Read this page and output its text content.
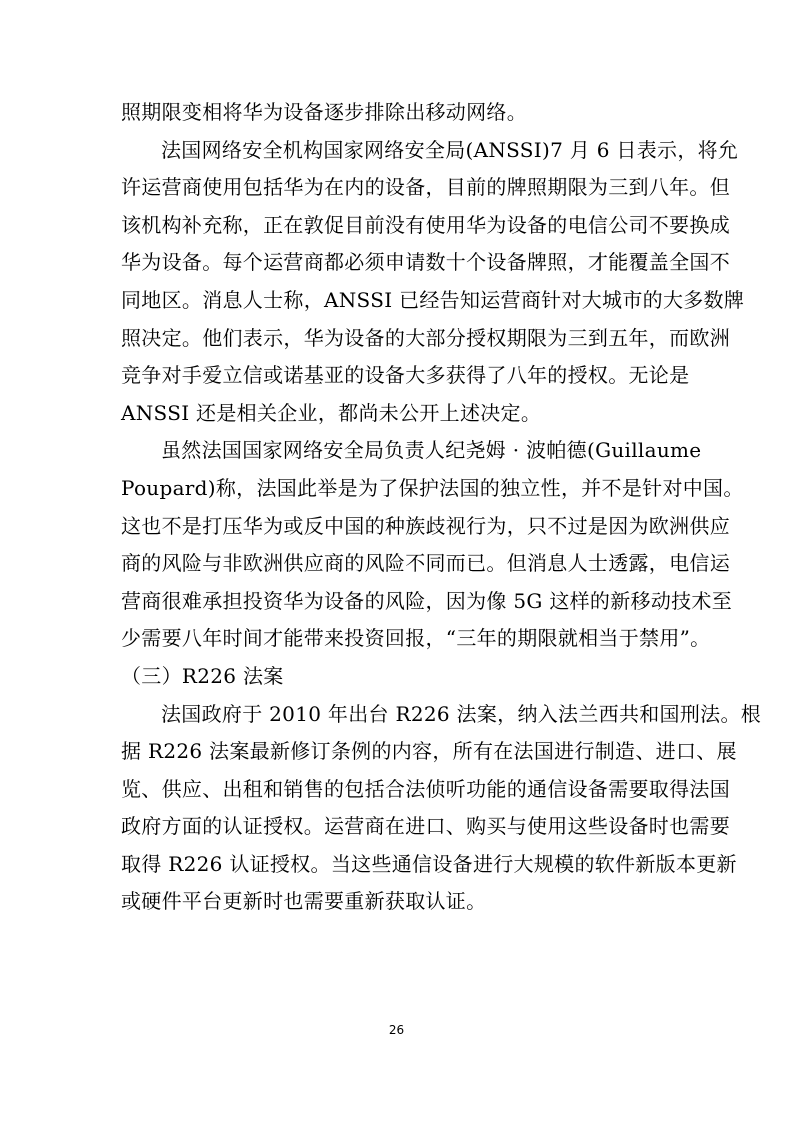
照期限变相将华为设备逐步排除出移动网络。
法国网络安全机构国家网络安全局(ANSSI)7 月 6 日表示，将允
许运营商使用包括华为在内的设备，目前的牌照期限为三到八年。但
该机构补充称，正在敦促目前没有使用华为设备的电信公司不要换成
华为设备。每个运营商都必须申请数十个设备牌照，才能覆盖全国不
同地区。消息人士称，ANSSI 已经告知运营商针对大城市的大多数牌
照决定。他们表示，华为设备的大部分授权期限为三到五年，而欧洲
竞争对手爱立信或诺基亚的设备大多获得了八年的授权。无论是
ANSSI 还是相关企业，都尚未公开上述决定。
虽然法国国家网络安全局负责人纪尧姆 · 波帕德(Guillaume
Poupard)称，法国此举是为了保护法国的独立性，并不是针对中国。
这也不是打压华为或反中国的种族歧视行为，只不过是因为欧洲供应
商的风险与非欧洲供应商的风险不同而已。但消息人士透露，电信运
营商很难承担投资华为设备的风险，因为像 5G 这样的新移动技术至
少需要八年时间才能带来投资回报，“三年的期限就相当于禁用”。
（三）R226 法案
法国政府于 2010 年出台 R226 法案，纳入法兰西共和国刑法。根
据 R226 法案最新修订条例的内容，所有在法国进行制造、进口、展
览、供应、出租和销售的包括合法侦听功能的通信设备需要取得法国
政府方面的认证授权。运营商在进口、购买与使用这些设备时也需要
取得 R226 认证授权。当这些通信设备进行大规模的软件新版本更新
或硬件平台更新时也需要重新获取认证。
26
